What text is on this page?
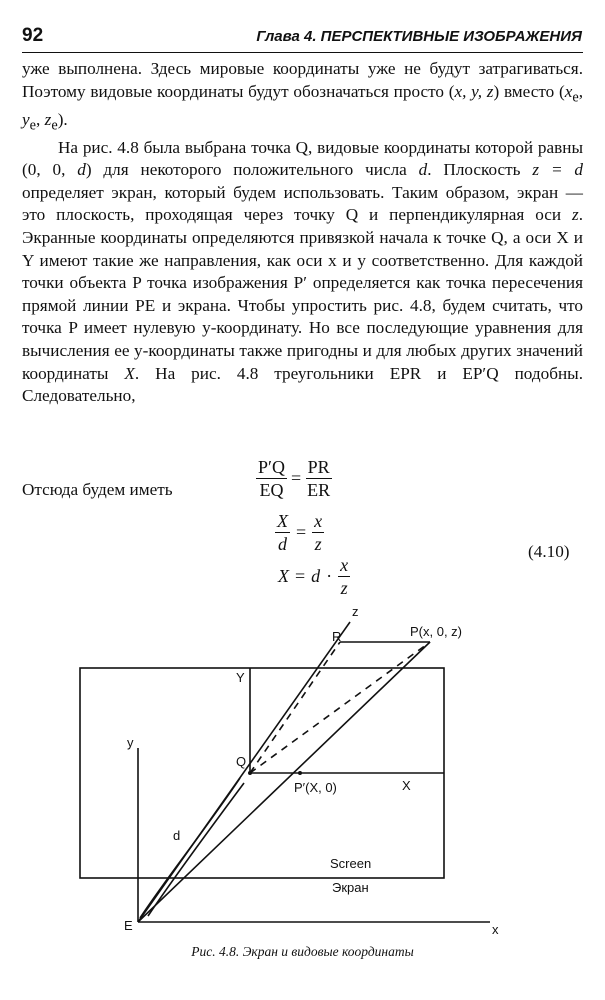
92	Глава 4. ПЕРСПЕКТИВНЫЕ ИЗОБРАЖЕНИЯ

уже выполнена. Здесь мировые координаты уже не будут затрагиваться. Поэтому видовые координаты будут обозначаться просто (x, y, z) вместо ($x_e$, $y_e$, $z_e$).

На рис. 4.8 была выбрана точка Q, видовые координаты которой равны (0, 0, d) для некоторого положительного числа d. Плоскость z = d определяет экран, который будем использовать. Таким образом, экран — это плоскость, проходящая через точку Q и перпендикулярная оси z. Экранные координаты определяются привязкой начала к точке Q, а оси X и Y имеют такие же направления, как оси x и y соответственно. Для каждой точки объекта P точка изображения P′ определяется как точка пересечения прямой линии PE и экрана. Чтобы упростить рис. 4.8, будем считать, что точка P имеет нулевую y-координату. Но все последующие уравнения для вычисления ее y-координаты также пригодны и для любых других значений координаты X. На рис. 4.8 треугольники EPR и EP′Q подобны. Следовательно,

$\frac{P'Q}{EQ} = \frac{PR}{ER}$
Отсюда будем иметь
$\frac{X}{d} = \frac{x}{z}$	(4.10)
$X = d \cdot \frac{x}{z}$
z
R	P(x, 0, z)
Y
y
Q
P′(X, 0)	X
d
Screen
Экран
E	x
Рис. 4.8. Экран и видовые координаты
